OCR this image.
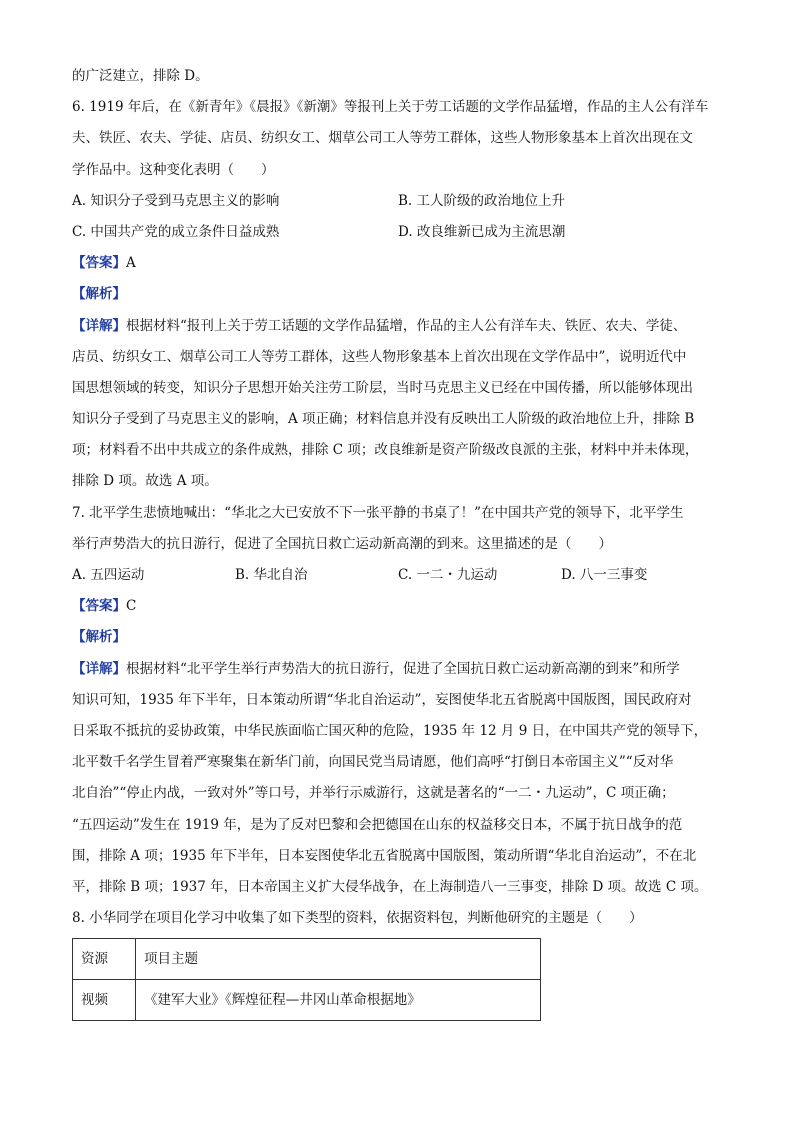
的广泛建立，排除 D。
6. 1919 年后，在《新青年》《晨报》《新潮》等报刊上关于劳工话题的文学作品猛增，作品的主人公有洋车
夫、铁匠、农夫、学徒、店员、纺织女工、烟草公司工人等劳工群体，这些人物形象基本上首次出现在文
学作品中。这种变化表明（　　）
A. 知识分子受到马克思主义的影响	B. 工人阶级的政治地位上升
C. 中国共产党的成立条件日益成熟	D. 改良维新已成为主流思潮
【答案】A
【解析】
【详解】根据材料“报刊上关于劳工话题的文学作品猛增，作品的主人公有洋车夫、铁匠、农夫、学徒、
店员、纺织女工、烟草公司工人等劳工群体，这些人物形象基本上首次出现在文学作品中”，说明近代中
国思想领域的转变，知识分子思想开始关注劳工阶层，当时马克思主义已经在中国传播，所以能够体现出
知识分子受到了马克思主义的影响，A 项正确；材料信息并没有反映出工人阶级的政治地位上升，排除 B
项；材料看不出中共成立的条件成熟，排除 C 项；改良维新是资产阶级改良派的主张，材料中并未体现，
排除 D 项。故选 A 项。
7. 北平学生悲愤地喊出：“华北之大已安放不下一张平静的书桌了！”在中国共产党的领导下，北平学生
举行声势浩大的抗日游行，促进了全国抗日救亡运动新高潮的到来。这里描述的是（　　）
A. 五四运动	B. 华北自治	C. 一二・九运动	D. 八一三事变
【答案】C
【解析】
【详解】根据材料“北平学生举行声势浩大的抗日游行，促进了全国抗日救亡运动新高潮的到来”和所学
知识可知，1935 年下半年，日本策动所谓“华北自治运动”，妄图使华北五省脱离中国版图，国民政府对
日采取不抵抗的妥协政策，中华民族面临亡国灭种的危险，1935 年 12 月 9 日，在中国共产党的领导下，
北平数千名学生冒着严寒聚集在新华门前，向国民党当局请愿，他们高呼“打倒日本帝国主义”“反对华
北自治”“停止内战，一致对外”等口号，并举行示威游行，这就是著名的“一二・九运动”，C 项正确；
“五四运动”发生在 1919 年，是为了反对巴黎和会把德国在山东的权益移交日本，不属于抗日战争的范
围，排除 A 项；1935 年下半年，日本妄图使华北五省脱离中国版图，策动所谓“华北自治运动”，不在北
平，排除 B 项；1937 年，日本帝国主义扩大侵华战争，在上海制造八一三事变，排除 D 项。故选 C 项。
8. 小华同学在项目化学习中收集了如下类型的资料，依据资料包，判断他研究的主题是（　　）
资源	项目主题
视频	《建军大业》《辉煌征程—井冈山革命根据地》
